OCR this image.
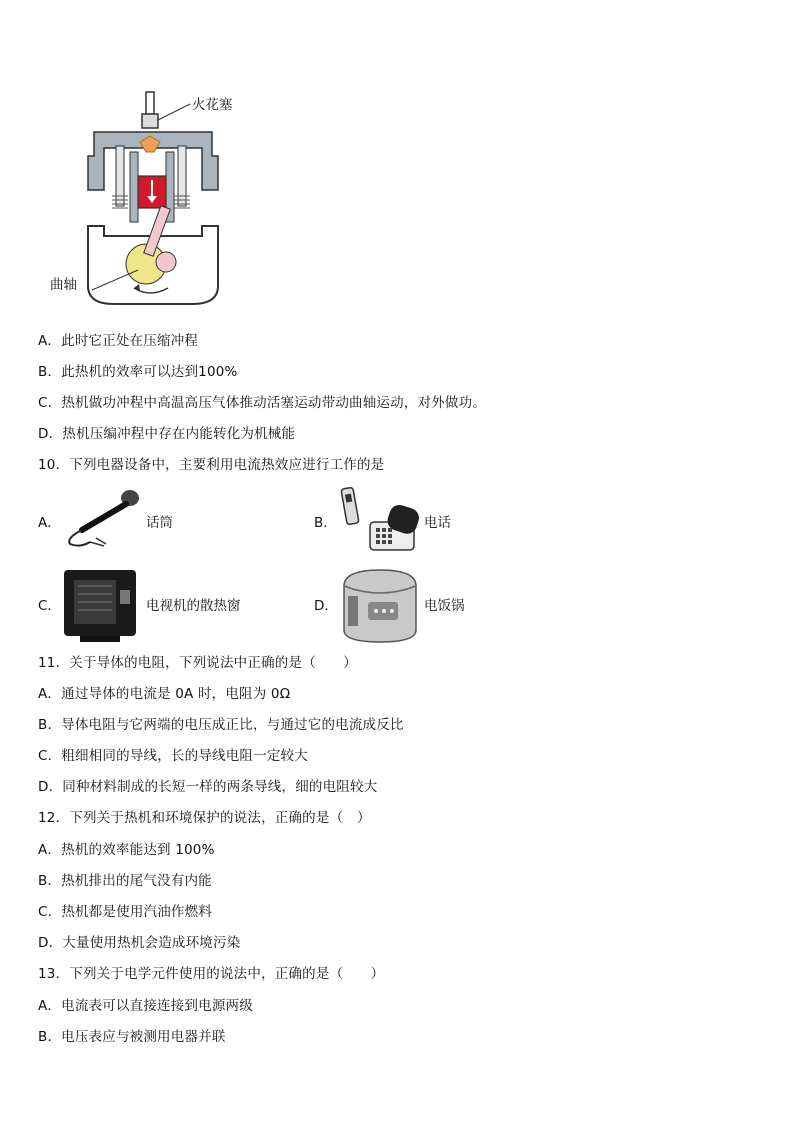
火花塞
曲轴
A．此时它正处在压缩冲程
B．此热机的效率可以达到100%
C．热机做功冲程中高温高压气体推动活塞运动带动曲轴运动，对外做功。
D．热机压编冲程中存在内能转化为机械能
10．下列电器设备中，主要利用电流热效应进行工作的是
A．	话筒	B．	电话
C．	电视机的散热窗	D．	电饭锅
11．关于导体的电阻，下列说法中正确的是（　　）
A．通过导体的电流是 0A 时，电阻为 0Ω
B．导体电阻与它两端的电压成正比，与通过它的电流成反比
C．粗细相同的导线，长的导线电阻一定较大
D．同种材料制成的长短一样的两条导线，细的电阻较大
12．下列关于热机和环境保护的说法，正确的是（　）
A．热机的效率能达到 100%
B．热机排出的尾气没有内能
C．热机都是使用汽油作燃料
D．大量使用热机会造成环境污染
13．下列关于电学元件使用的说法中，正确的是（　　）
A．电流表可以直接连接到电源两级
B．电压表应与被测用电器并联
